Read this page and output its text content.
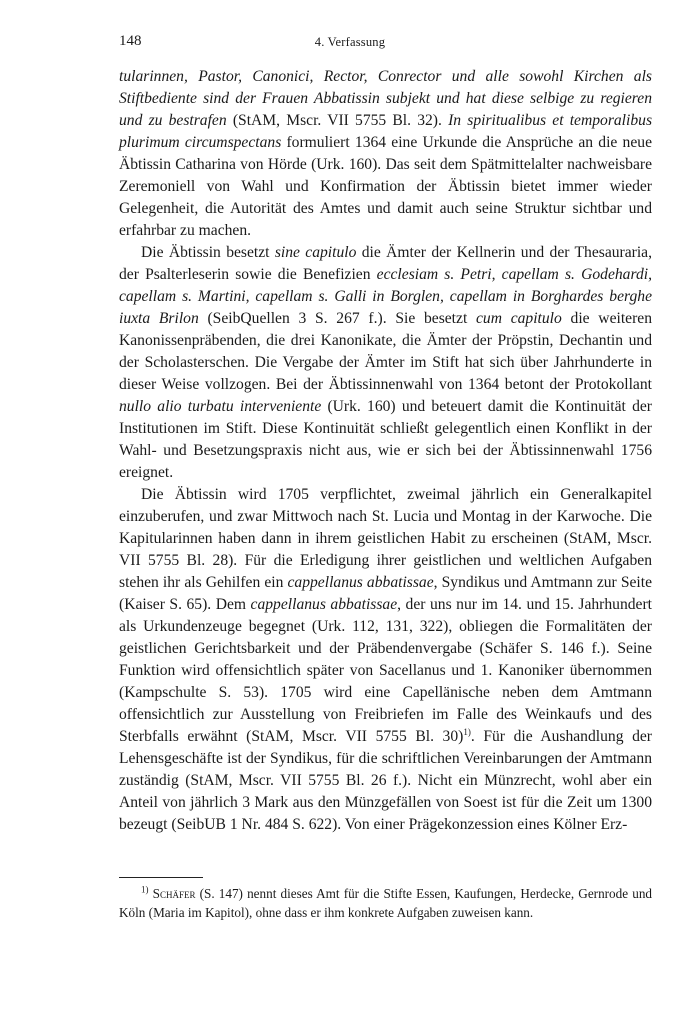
148	4. Verfassung

tularinnen, Pastor, Canonici, Rector, Conrector und alle sowohl Kirchen als Stiftbediente sind der Frauen Abbatissin subjekt und hat diese selbige zu regieren und zu bestrafen (StAM, Mscr. VII 5755 Bl. 32). In spiritualibus et temporalibus plurimum circumspectans formuliert 1364 eine Urkunde die Ansprüche an die neue Äbtissin Catharina von Hörde (Urk. 160). Das seit dem Spätmittelalter nachweisbare Zeremoniell von Wahl und Konfirmation der Äbtissin bietet immer wieder Gelegenheit, die Autorität des Amtes und damit auch seine Struktur sichtbar und erfahrbar zu machen.

Die Äbtissin besetzt sine capitulo die Ämter der Kellnerin und der Thesauraria, der Psalterleserin sowie die Benefizien ecclesiam s. Petri, capellam s. Godehardi, capellam s. Martini, capellam s. Galli in Borglen, capellam in Borghardes berghe iuxta Brilon (SeibQuellen 3 S. 267 f.). Sie besetzt cum capitulo die weiteren Kanonissenpräbenden, die drei Kanonikate, die Ämter der Pröpstin, Dechantin und der Scholasterschen. Die Vergabe der Ämter im Stift hat sich über Jahrhunderte in dieser Weise vollzogen. Bei der Äbtissinnenwahl von 1364 betont der Protokollant nullo alio turbatu interveniente (Urk. 160) und beteuert damit die Kontinuität der Institutionen im Stift. Diese Kontinuität schließt gelegentlich einen Konflikt in der Wahl- und Besetzungspraxis nicht aus, wie er sich bei der Äbtissinnenwahl 1756 ereignet.

Die Äbtissin wird 1705 verpflichtet, zweimal jährlich ein Generalkapitel einzuberufen, und zwar Mittwoch nach St. Lucia und Montag in der Karwoche. Die Kapitularinnen haben dann in ihrem geistlichen Habit zu erscheinen (StAM, Mscr. VII 5755 Bl. 28). Für die Erledigung ihrer geistlichen und weltlichen Aufgaben stehen ihr als Gehilfen ein cappellanus abbatissae, Syndikus und Amtmann zur Seite (Kaiser S. 65). Dem cappellanus abbatissae, der uns nur im 14. und 15. Jahrhundert als Urkundenzeuge begegnet (Urk. 112, 131, 322), obliegen die Formalitäten der geistlichen Gerichtsbarkeit und der Präbendenvergabe (Schäfer S. 146 f.). Seine Funktion wird offensichtlich später von Sacellanus und 1. Kanoniker übernommen (Kampschulte S. 53). 1705 wird eine Capellänische neben dem Amtmann offensichtlich zur Ausstellung von Freibriefen im Falle des Weinkaufs und des Sterbfalls erwähnt (StAM, Mscr. VII 5755 Bl. 30)$^{1)}$. Für die Aushandlung der Lehensgeschäfte ist der Syndikus, für die schriftlichen Vereinbarungen der Amtmann zuständig (StAM, Mscr. VII 5755 Bl. 26 f.). Nicht ein Münzrecht, wohl aber ein Anteil von jährlich 3 Mark aus den Münzgefällen von Soest ist für die Zeit um 1300 bezeugt (SeibUB 1 Nr. 484 S. 622). Von einer Prägekonzession eines Kölner Erz-

$^{1)}$ Schäfer (S. 147) nennt dieses Amt für die Stifte Essen, Kaufungen, Herdecke, Gernrode und Köln (Maria im Kapitol), ohne dass er ihm konkrete Aufgaben zuweisen kann.
